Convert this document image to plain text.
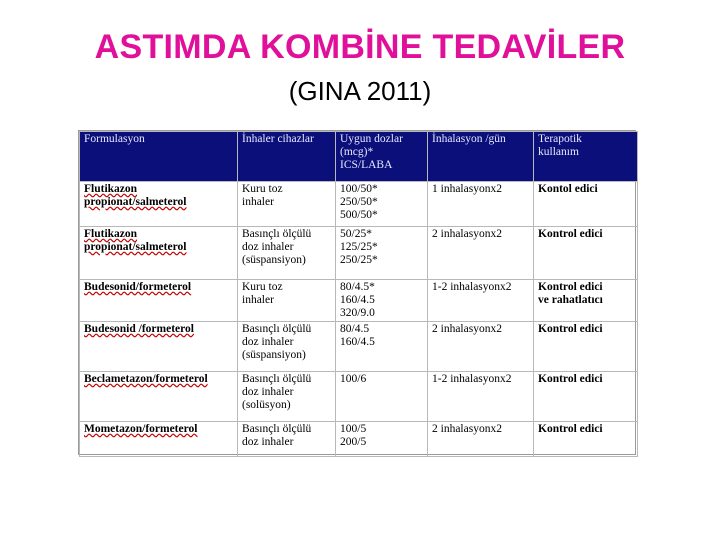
ASTIMDA KOMBİNE TEDAVİLER
(GINA 2011)
Formulasyon	İnhaler cihazlar	Uygun dozlar
(mcg)*
ICS/LABA	İnhalasyon /gün	Terapotik
kullanım

Flutikazon
propionat/salmeterol	Kuru toz
inhaler	100/50*
250/50*
500/50*	1 inhalasyonx2	Kontol edici

Flutikazon
propionat/salmeterol	Basınçlı ölçülü
doz inhaler
(süspansiyon)	50/25*
125/25*
250/25*	2 inhalasyonx2	Kontrol edici

Budesonid/formeterol	Kuru toz
inhaler	80/4.5*
160/4.5
320/9.0	1-2 inhalasyonx2	Kontrol edici
ve rahatlatıcı

Budesonid /formeterol	Basınçlı ölçülü
doz inhaler
(süspansiyon)	80/4.5
160/4.5	2 inhalasyonx2	Kontrol edici

Beclametazon/formeterol	Basınçlı ölçülü
doz inhaler
(solüsyon)	100/6	1-2 inhalasyonx2	Kontrol edici

Mometazon/formeterol	Basınçlı ölçülü
doz inhaler	100/5
200/5	2 inhalasyonx2	Kontrol edici
